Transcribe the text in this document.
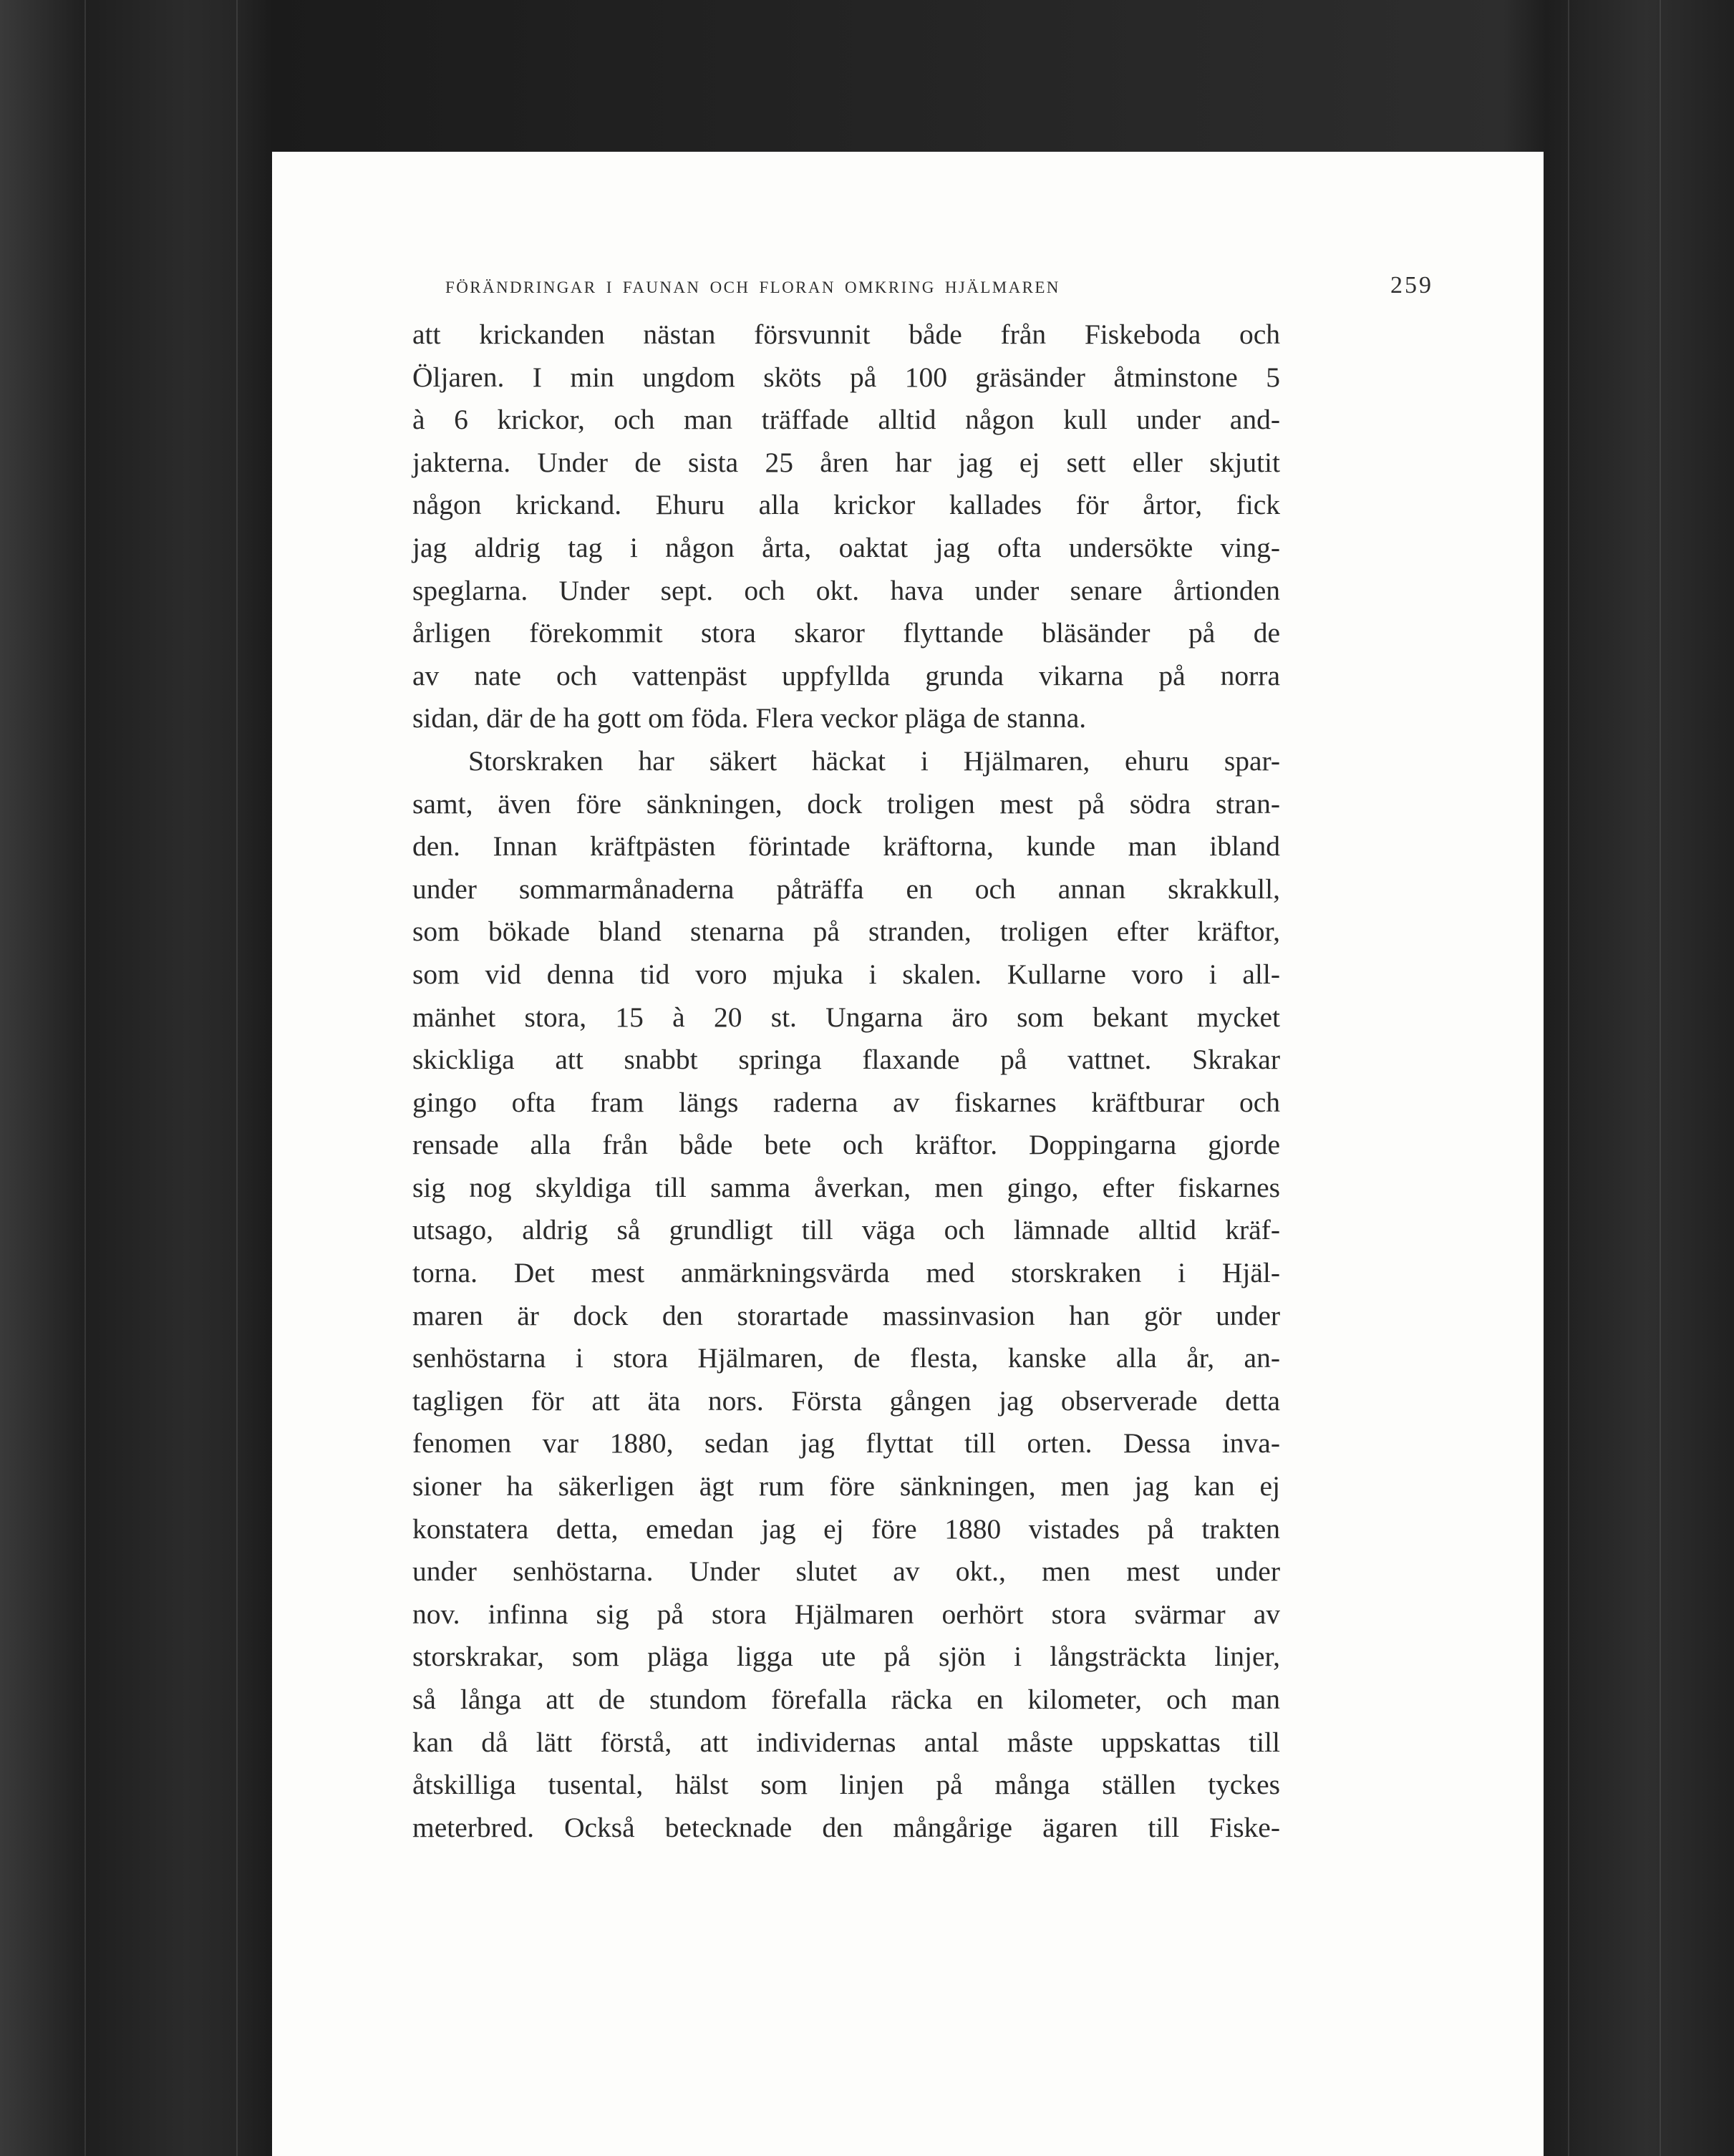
FÖRÄNDRINGAR I FAUNAN OCH FLORAN OMKRING HJÄLMAREN	259
att krickanden nästan försvunnit både från Fiskeboda och
Öljaren. I min ungdom sköts på 100 gräsänder åtminstone 5
à 6 krickor, och man träffade alltid någon kull under and-
jakterna. Under de sista 25 åren har jag ej sett eller skjutit
någon krickand. Ehuru alla krickor kallades för årtor, fick
jag aldrig tag i någon årta, oaktat jag ofta undersökte ving-
speglarna. Under sept. och okt. hava under senare årtionden
årligen förekommit stora skaror flyttande bläsänder på de
av nate och vattenpäst uppfyllda grunda vikarna på norra
sidan, där de ha gott om föda. Flera veckor pläga de stanna.
Storskraken har säkert häckat i Hjälmaren, ehuru spar-
samt, även före sänkningen, dock troligen mest på södra stran-
den. Innan kräftpästen förintade kräftorna, kunde man ibland
under sommarmånaderna påträffa en och annan skrakkull,
som bökade bland stenarna på stranden, troligen efter kräftor,
som vid denna tid voro mjuka i skalen. Kullarne voro i all-
mänhet stora, 15 à 20 st. Ungarna äro som bekant mycket
skickliga att snabbt springa flaxande på vattnet. Skrakar
gingo ofta fram längs raderna av fiskarnes kräftburar och
rensade alla från både bete och kräftor. Doppingarna gjorde
sig nog skyldiga till samma åverkan, men gingo, efter fiskarnes
utsago, aldrig så grundligt till väga och lämnade alltid kräf-
torna. Det mest anmärkningsvärda med storskraken i Hjäl-
maren är dock den storartade massinvasion han gör under
senhöstarna i stora Hjälmaren, de flesta, kanske alla år, an-
tagligen för att äta nors. Första gången jag observerade detta
fenomen var 1880, sedan jag flyttat till orten. Dessa inva-
sioner ha säkerligen ägt rum före sänkningen, men jag kan ej
konstatera detta, emedan jag ej före 1880 vistades på trakten
under senhöstarna. Under slutet av okt., men mest under
nov. infinna sig på stora Hjälmaren oerhört stora svärmar av
storskrakar, som pläga ligga ute på sjön i långsträckta linjer,
så långa att de stundom förefalla räcka en kilometer, och man
kan då lätt förstå, att individernas antal måste uppskattas till
åtskilliga tusental, hälst som linjen på många ställen tyckes
meterbred. Också betecknade den mångårige ägaren till Fiske-
